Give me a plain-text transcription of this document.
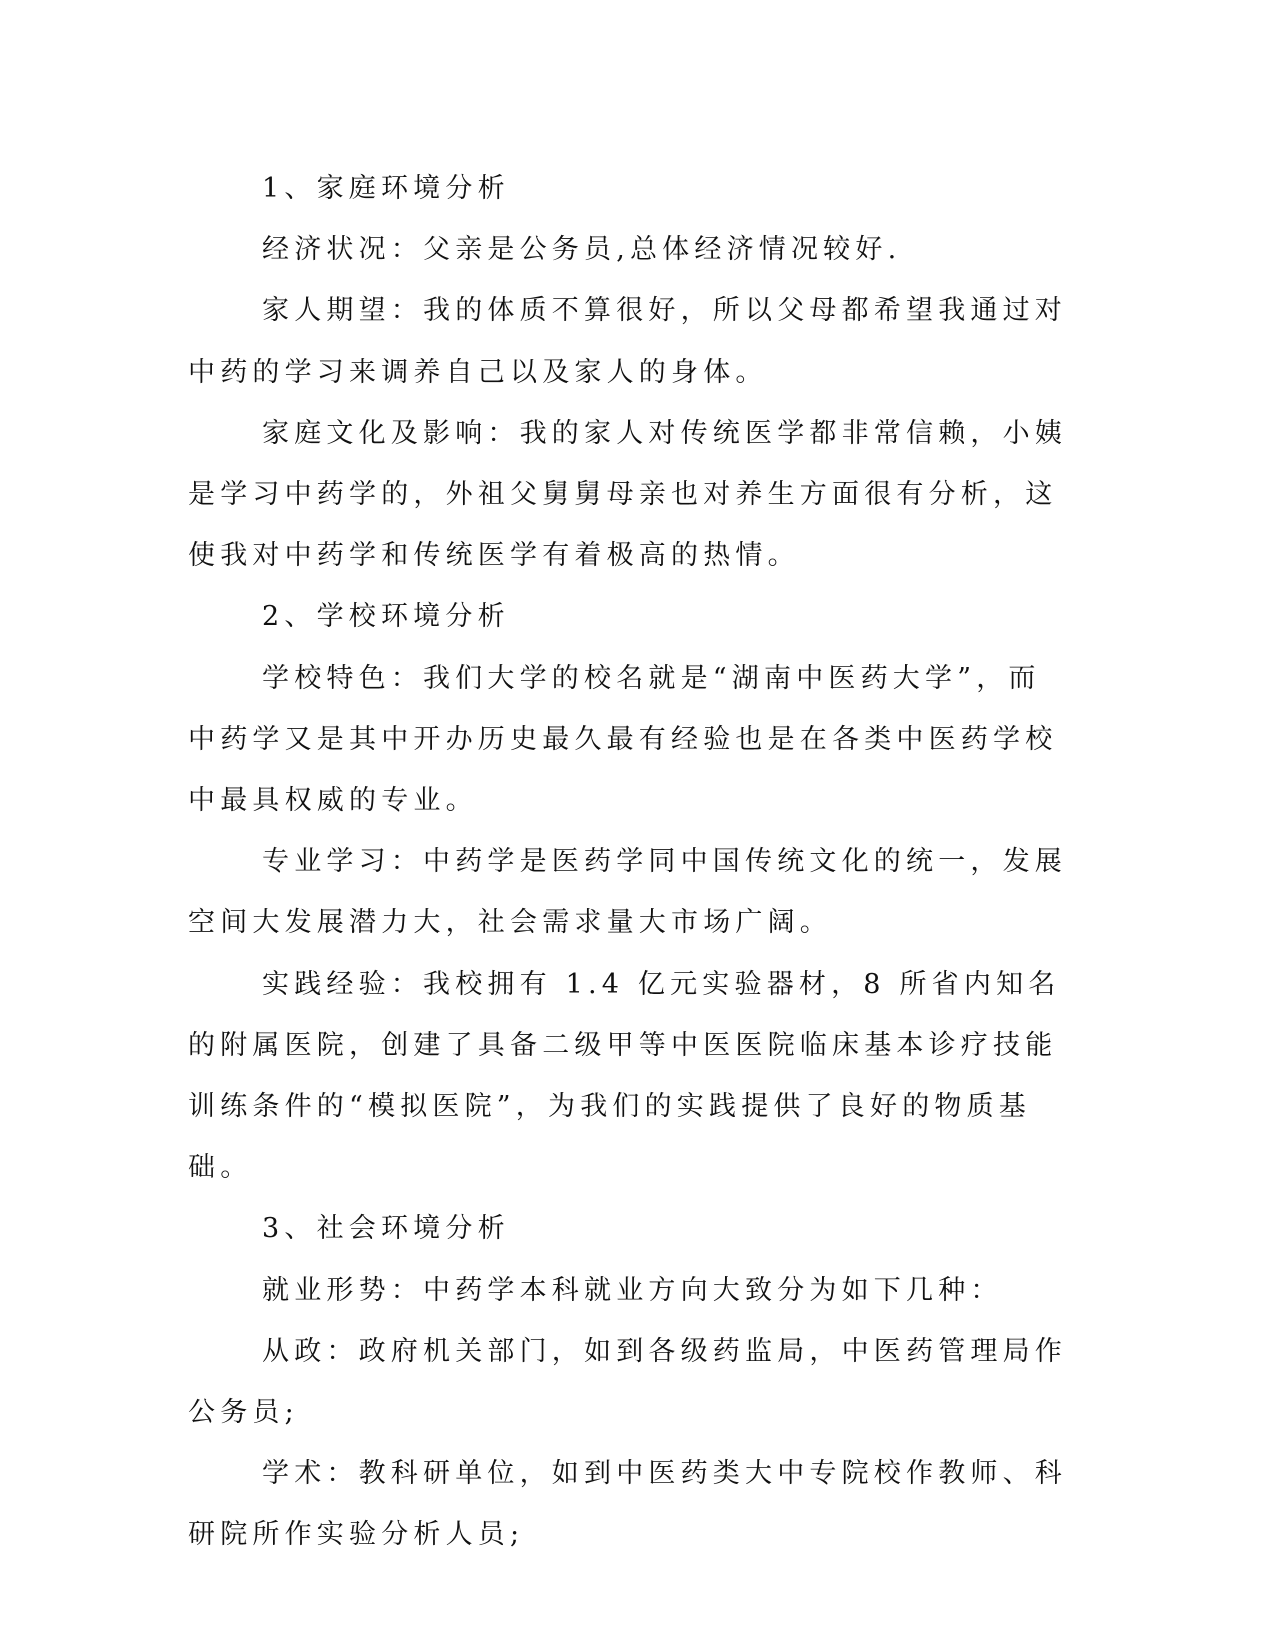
1、家庭环境分析

经济状况：父亲是公务员,总体经济情况较好.

家人期望：我的体质不算很好，所以父母都希望我通过对中药的学习来调养自己以及家人的身体。

家庭文化及影响：我的家人对传统医学都非常信赖，小姨是学习中药学的，外祖父舅舅母亲也对养生方面很有分析，这使我对中药学和传统医学有着极高的热情。

2、学校环境分析

学校特色：我们大学的校名就是“湖南中医药大学”，而中药学又是其中开办历史最久最有经验也是在各类中医药学校中最具权威的专业。

专业学习：中药学是医药学同中国传统文化的统一，发展空间大发展潜力大，社会需求量大市场广阔。

实践经验：我校拥有 1.4 亿元实验器材，8 所省内知名的附属医院，创建了具备二级甲等中医医院临床基本诊疗技能训练条件的“模拟医院”，为我们的实践提供了良好的物质基础。

3、社会环境分析

就业形势：中药学本科就业方向大致分为如下几种：

从政：政府机关部门，如到各级药监局，中医药管理局作公务员;

学术：教科研单位，如到中医药类大中专院校作教师、科研院所作实验分析人员;
